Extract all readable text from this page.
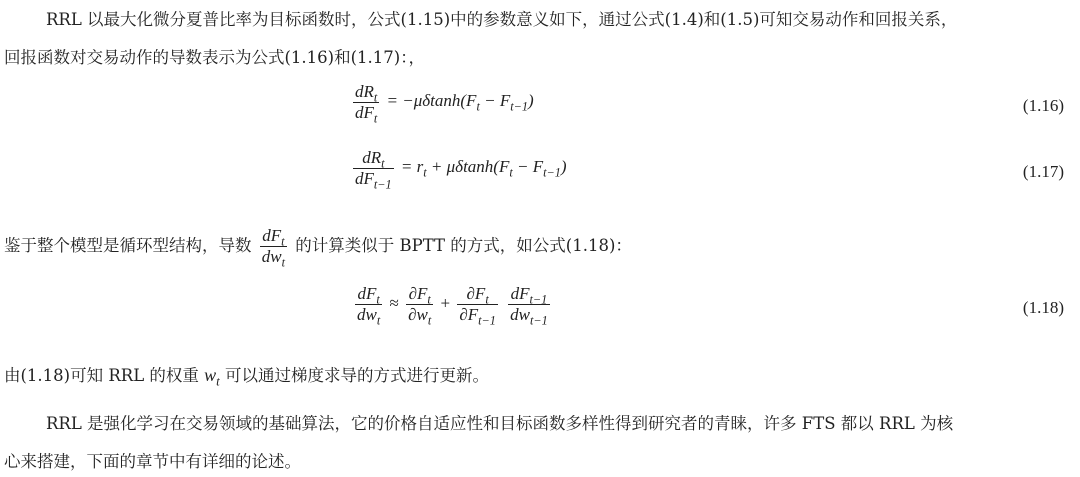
RRL 以最大化微分夏普比率为目标函数时，公式(1.15)中的参数意义如下，通过公式(1.4)和(1.5)可知交易动作和回报关系，
回报函数对交易动作的导数表示为公式(1.16)和(1.17)：，
$\frac{dR_t}{dF_t} = -\mu\delta\tanh(F_t - F_{t-1})$	(1.16)
$\frac{dR_t}{dF_{t-1}} = r_t + \mu\delta\tanh(F_t - F_{t-1})$	(1.17)
鉴于整个模型是循环型结构，导数 $\frac{dF_t}{dw_t}$ 的计算类似于 BPTT 的方式，如公式(1.18)：
$\frac{dF_t}{dw_t} \approx \frac{\partial F_t}{\partial w_t} + \frac{\partial F_t}{\partial F_{t-1}}$
$\frac{dF_{t-1}}{dw_{t-1}}$	(1.18)
由(1.18)可知 RRL 的权重 $w_t$ 可以通过梯度求导的方式进行更新。
RRL 是强化学习在交易领域的基础算法，它的价格自适应性和目标函数多样性得到研究者的青睐，许多 FTS 都以 RRL 为核
心来搭建，下面的章节中有详细的论述。
